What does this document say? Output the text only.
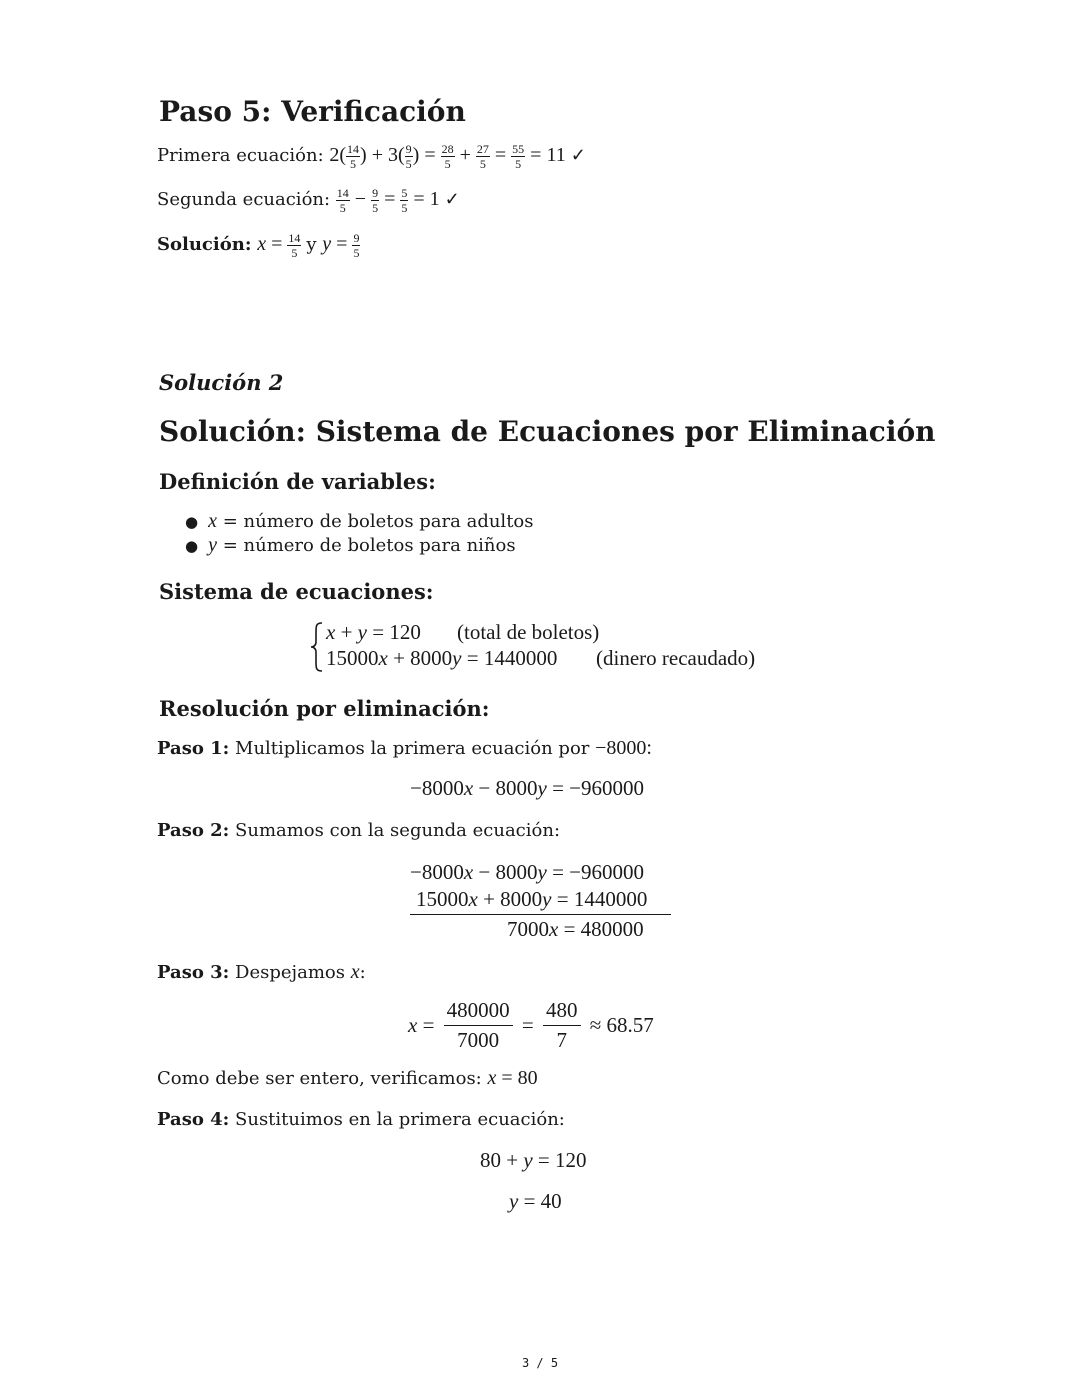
Paso 5: Verificación
Primera ecuación: $2( \frac{14}{5}$ ) + $3( \frac{9}{5}$ ) = $\frac{28}{5} + \frac{27}{5} = \frac{55}{5} = 11$ ✓
Segunda ecuación: $\frac{14}{5} - \frac{9}{5} = \frac{5}{5} = 1$ ✓
Solución: $x = \frac{14}{5}$ y $y = \frac{9}{5}$
Solución 2
Solución: Sistema de Ecuaciones por Eliminación
Definición de variables:
● x = número de boletos para adultos
● y = número de boletos para niños
Sistema de ecuaciones:
x + y = 120 (total de boletos)
15000x + 8000y = 1440000 (dinero recaudado)
Resolución por eliminación:
Paso 1: Multiplicamos la primera ecuación por −8000:
−8000x − 8000y = −960000
Paso 2: Sumamos con la segunda ecuación:
−8000x − 8000y = −960000
15000x + 8000y = 1440000
7000x = 480000
Paso 3: Despejamos x:
$x = \frac{480000}{7000} = \frac{480}{7} \approx 68.57$
Como debe ser entero, verificamos: x = 80
Paso 4: Sustituimos en la primera ecuación:
80 + y = 120
y = 40
3 / 5
